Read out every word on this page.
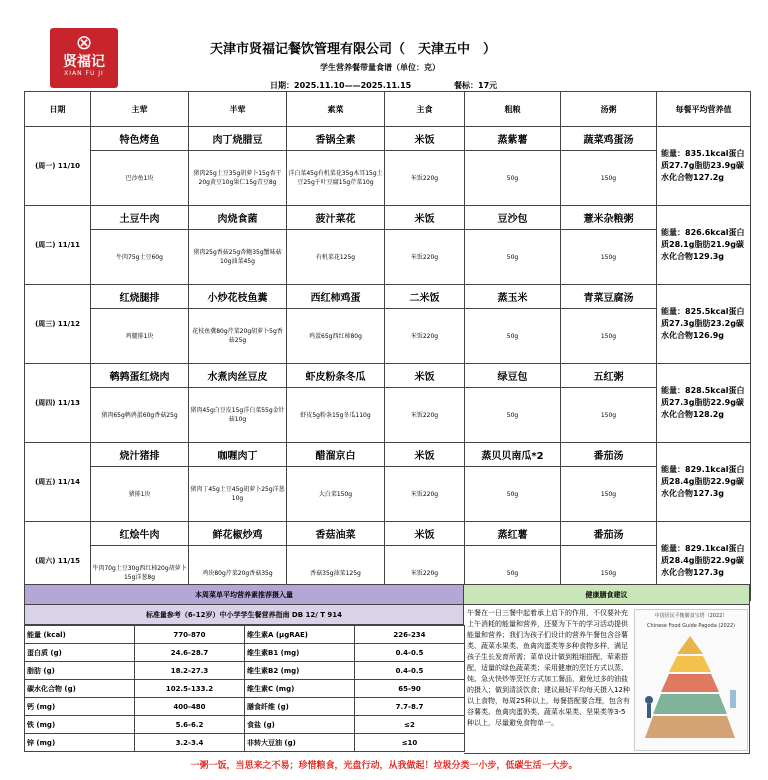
⊗
贤福记
XIAN FU JI
天津市贤福记餐饮管理有限公司（　天津五中　）
学生营养餐带量食谱（单位：克）
日期：2025.11.10——2025.11.15	餐标：17元
日期	主荤	半荤	素菜	主食	粗粮	汤粥	每餐平均营养值
(周一) 11/10	特色烤鱼	肉丁烧腊豆	香锅全素	米饭	蒸紫薯	蔬菜鸡蛋汤	能量：835.1kcal蛋白质27.7g脂肪23.9g碳水化合物127.2g
	巴沙鱼1块	猪肉25g土豆35g胡萝卜15g杏干20g黄豆10g果仁15g青豆8g	洋白菜45g有机菜花35g木耳15g土豆25g千叶豆腐15g芹菜10g	米饭220g	50g	150g	
(周二) 11/11	土豆牛肉	肉烧食菌	菠汁菜花	米饭	豆沙包	薏米杂粮粥	能量：826.6kcal蛋白质28.1g脂肪21.9g碳水化合物129.3g
	牛肉75g土豆60g	猪肉25g香菇25g杏鲍35g蟹味菇10g油菜45g	有机菜花125g	米饭220g	50g	150g	
(周三) 11/12	红烧腿排	小炒花枝鱼糞	西红柿鸡蛋	二米饭	蒸玉米	青菜豆腐汤	能量：825.5kcal蛋白质27.3g脂肪23.2g碳水化合物126.9g
	鸡腿排1块	花枝鱼糞80g芹菜20g胡萝卜5g香菇25g	鸡蛋65g西红柿80g	米饭220g	50g	150g	
(周四) 11/13	鹌鹑蛋红烧肉	水煮肉丝豆皮	虾皮粉条冬瓜	米饭	绿豆包	五红粥	能量：828.5kcal蛋白质27.3g脂肪22.9g碳水化合物128.2g
	猪肉65g鹌鹑蛋60g香菇25g	猪肉45g白豆皮15g洋白菜55g金针菇10g	虾皮5g粉条15g冬瓜110g	米饭220g	50g	150g	
(周五) 11/14	烧汁猪排	咖喱肉丁	醋溜京白	米饭	蒸贝贝南瓜*2	番茄汤	能量：829.1kcal蛋白质28.4g脂肪22.9g碳水化合物127.3g
	猪排1块	猪肉丁45g土豆45g胡萝卜25g洋葱10g	大白菜150g	米饭220g	50g	150g	
(周六) 11/15	红烩牛肉	鲜花椒炒鸡	香菇油菜	米饭	蒸红薯	番茄汤	能量：829.1kcal蛋白质28.4g脂肪22.9g碳水化合物127.3g
	牛肉70g土豆30g西红柿20g胡萝卜15g洋葱8g	鸡块80g芹菜20g香菇35g	香菇35g油菜125g	米饭220g	50g	150g	
本周菜单平均营养素推荐摄入量
标准量参考（6-12岁）中小学学生餐营养指南 DB 12/ T 914
能量 (kcal)	770-870	维生素A (μgRAE)	226-234
蛋白质 (g)	24.6-28.7	维生素B1 (mg)	0.4-0.5
脂肪 (g)	18.2-27.3	维生素B2 (mg)	0.4-0.5
碳水化合物 (g)	102.5-133.2	维生素C (mg)	65-90
钙 (mg)	400-480	膳食纤维 (g)	7.7-8.7
铁 (mg)	5.6-6.2	食盐 (g)	≤2
锌 (mg)	3.2-3.4	非转大豆油 (g)	≤10
健康膳食建议
午餐在一日三餐中起着承上启下的作用，不仅要补充上午消耗的能量和营养，还要为下午的学习活动提供能量和营养；我们为孩子们设计的营养午餐包含谷薯类、蔬菜水果类、鱼禽肉蛋类等多种食物多样，满足孩子生长发育所需；菜单设计做到粗细搭配、荤素搭配，适量的绿色蔬菜类；采用健康的烹饪方式以蒸、炖、急火快炒等烹饪方式加工餐品，避免过多的油盐的摄入；做到清淡饮食；建议最好平均每天摄入12种以上食物，每周25种以上，每餐搭配要合理，包含有谷薯类、鱼禽肉蛋奶类、蔬菜水果类、坚果类等3-5种以上，尽量避免食物单一。
中国居民平衡膳食宝塔（2022）
Chinese Food Guide Pagoda (2022)
一粥一饭，当思来之不易；珍惜粮食，光盘行动，从我做起！垃圾分类一小步，低碳生活一大步。
